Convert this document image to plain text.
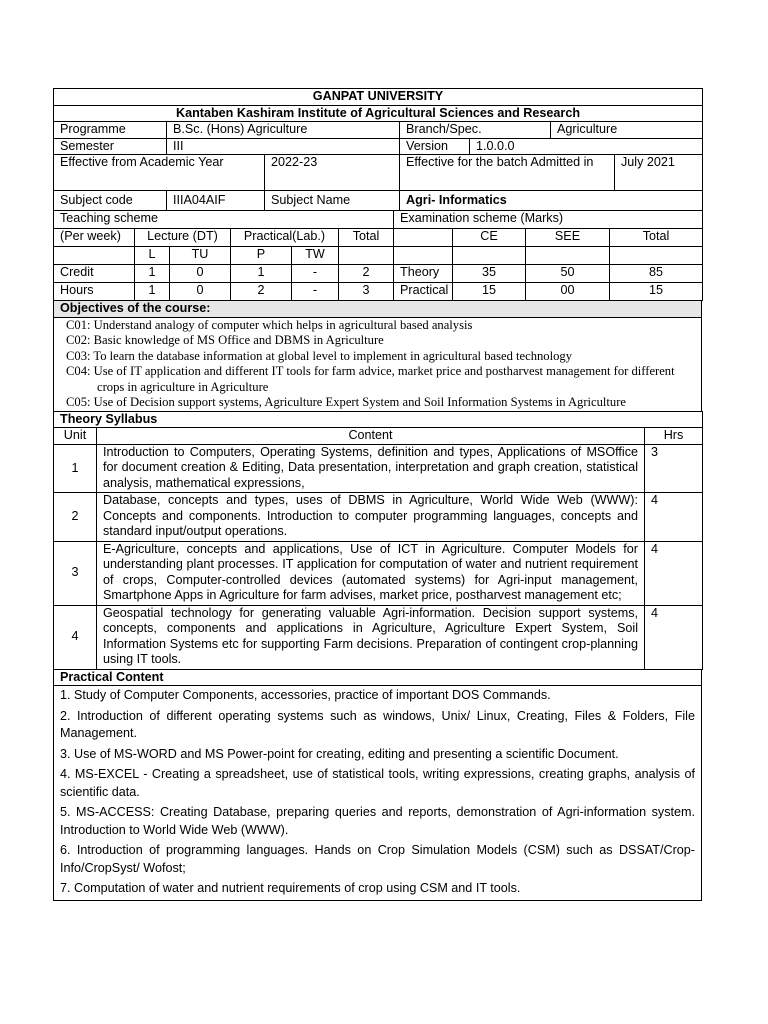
GANPAT UNIVERSITY						
Kantaben Kashiram Institute of Agricultural Sciences and Research						
Programme	B.Sc. (Hons) Agriculture		Branch/Spec.		Agriculture	
Semester	III		Version	1.0.0.0		
Effective from Academic Year		2022-23	Effective for the batch Admitted in			July 2021
Subject code	IIIA04AIF	Subject Name	Agri- Informatics			
Teaching scheme						Examination scheme (Marks)			
(Per week)	Lecture (DT)		Practical(Lab.)		Total		CE	SEE	Total
	L	TU	P	TW					
Credit	1	0	1	-	2	Theory	35	50	85
Hours	1	0	2	-	3	Practical	15	00	15
Objectives of the course:

C01: Understand analogy of computer which helps in agricultural based analysis
C02: Basic knowledge of MS Office and DBMS in Agriculture
C03: To learn the database information at global level to implement in agricultural based technology
C04: Use of IT application and different IT tools for farm advice, market price and postharvest management for different crops in agriculture in Agriculture
C05: Use of Decision support systems, Agriculture Expert System and Soil Information Systems in Agriculture
Theory Syllabus		
Unit	Content	Hrs
1	Introduction to Computers, Operating Systems, definition and types, Applications of MSOffice for document creation & Editing, Data presentation, interpretation and graph creation, statistical analysis, mathematical expressions,	3
2	Database, concepts and types, uses of DBMS in Agriculture, World Wide Web (WWW): Concepts and components. Introduction to computer programming languages, concepts and standard input/output operations.	4
3	E-Agriculture, concepts and applications, Use of ICT in Agriculture. Computer Models for understanding plant processes. IT application for computation of water and nutrient requirement of crops, Computer-controlled devices (automated systems) for Agri-input management, Smartphone Apps in Agriculture for farm advises, market price, postharvest management etc;	4
4	Geospatial technology for generating valuable Agri-information. Decision support systems, concepts, components and applications in Agriculture, Agriculture Expert System, Soil Information Systems etc for supporting Farm decisions. Preparation of contingent crop-planning using IT tools.	4
Practical Content

1. Study of Computer Components, accessories, practice of important DOS Commands.

2. Introduction of different operating systems such as windows, Unix/ Linux, Creating, Files & Folders, File Management.

3. Use of MS-WORD and MS Power-point for creating, editing and presenting a scientific Document.

4. MS-EXCEL - Creating a spreadsheet, use of statistical tools, writing expressions, creating graphs, analysis of scientific data.

5. MS-ACCESS: Creating Database, preparing queries and reports, demonstration of Agri-information system. Introduction to World Wide Web (WWW).

6. Introduction of programming languages. Hands on Crop Simulation Models (CSM) such as DSSAT/Crop-Info/CropSyst/ Wofost;

7. Computation of water and nutrient requirements of crop using CSM and IT tools.
